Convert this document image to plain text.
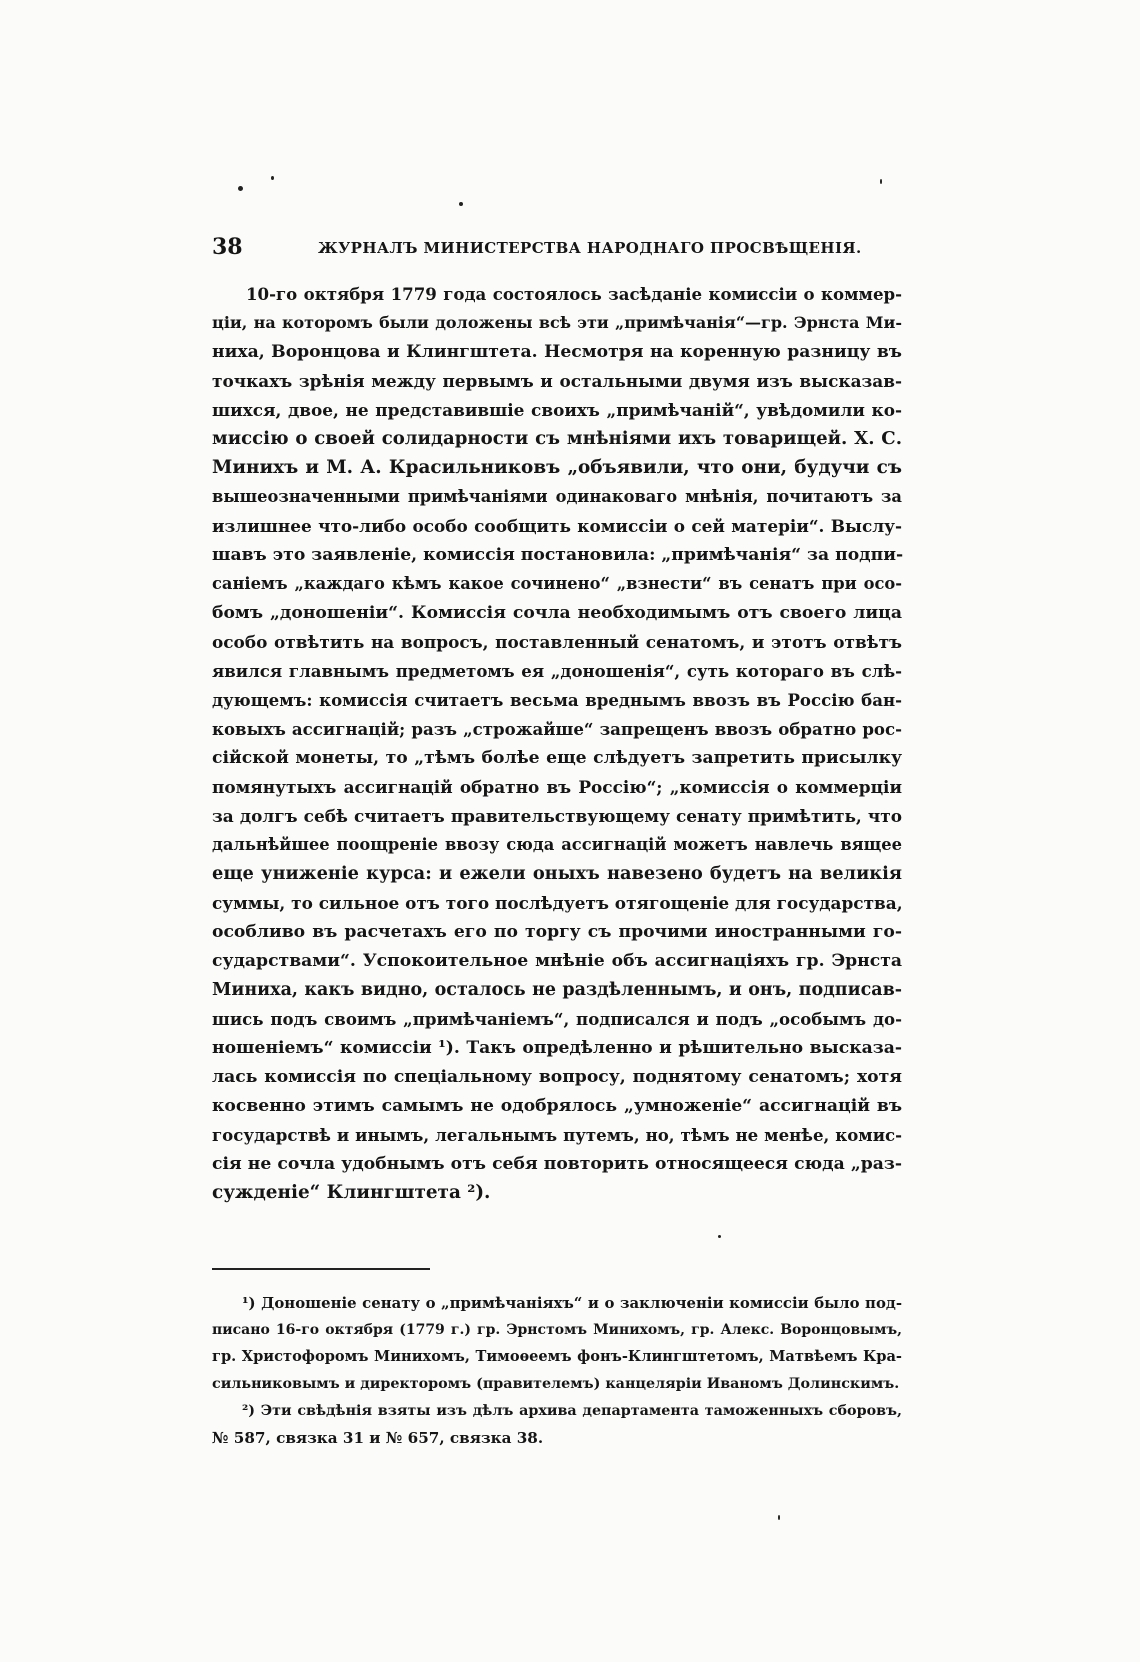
38	ЖУРНАЛЪ МИНИСТЕРСТВА НАРОДНАГО ПРОСВѢЩЕНІЯ.
10-го октября 1779 года состоялось засѣданіе комиссіи о коммер-
ціи, на которомъ были доложены всѣ эти „примѣчанія“—гр. Эрнста Ми-
ниха, Воронцова и Клингштета. Несмотря на коренную разницу въ
точкахъ зрѣнія между первымъ и остальными двумя изъ высказав-
шихся, двое, не представившіе своихъ „примѣчаній“, увѣдомили ко-
миссію о своей солидарности съ мнѣніями ихъ товарищей. Х. С.
Минихъ и М. А. Красильниковъ „объявили, что они, будучи съ
вышеозначенными примѣчаніями одинаковаго мнѣнія, почитаютъ за
излишнее что-либо особо сообщить комиссіи о сей матеріи“. Выслу-
шавъ это заявленіе, комиссія постановила: „примѣчанія“ за подпи-
саніемъ „каждаго кѣмъ какое сочинено“ „взнести“ въ сенатъ при осо-
бомъ „доношеніи“. Комиссія сочла необходимымъ отъ своего лица
особо отвѣтить на вопросъ, поставленный сенатомъ, и этотъ отвѣтъ
явился главнымъ предметомъ ея „доношенія“, суть котораго въ слѣ-
дующемъ: комиссія считаетъ весьма вреднымъ ввозъ въ Россію бан-
ковыхъ ассигнацій; разъ „строжайше“ запрещенъ ввозъ обратно рос-
сійской монеты, то „тѣмъ болѣе еще слѣдуетъ запретить присылку
помянутыхъ ассигнацій обратно въ Россію“; „комиссія о коммерціи
за долгъ себѣ считаетъ правительствующему сенату примѣтить, что
дальнѣйшее поощреніе ввозу сюда ассигнацій можетъ навлечь вящее
еще униженіе курса: и ежели оныхъ навезено будетъ на великія
суммы, то сильное отъ того послѣдуетъ отягощеніе для государства,
особливо въ расчетахъ его по торгу съ прочими иностранными го-
сударствами“. Успокоительное мнѣніе объ ассигнаціяхъ гр. Эрнста
Миниха, какъ видно, осталось не раздѣленнымъ, и онъ, подписав-
шись подъ своимъ „примѣчаніемъ“, подписался и подъ „особымъ до-
ношеніемъ“ комиссіи ¹). Такъ опредѣленно и рѣшительно высказа-
лась комиссія по спеціальному вопросу, поднятому сенатомъ; хотя
косвенно этимъ самымъ не одобрялось „умноженіе“ ассигнацій въ
государствѣ и инымъ, легальнымъ путемъ, но, тѣмъ не менѣе, комис-
сія не сочла удобнымъ отъ себя повторить относящееся сюда „раз-
сужденіе“ Клингштета ²).
¹) Доношеніе сенату о „примѣчаніяхъ“ и о заключеніи комиссіи было под-
писано 16-го октября (1779 г.) гр. Эрнстомъ Минихомъ, гр. Алекс. Воронцовымъ,
гр. Христофоромъ Минихомъ, Тимоѳеемъ фонъ-Клингштетомъ, Матвѣемъ Кра-
сильниковымъ и директоромъ (правителемъ) канцеляріи Иваномъ Долинскимъ.
²) Эти свѣдѣнія взяты изъ дѣлъ архива департамента таможенныхъ сборовъ,
№ 587, связка 31 и № 657, связка 38.
